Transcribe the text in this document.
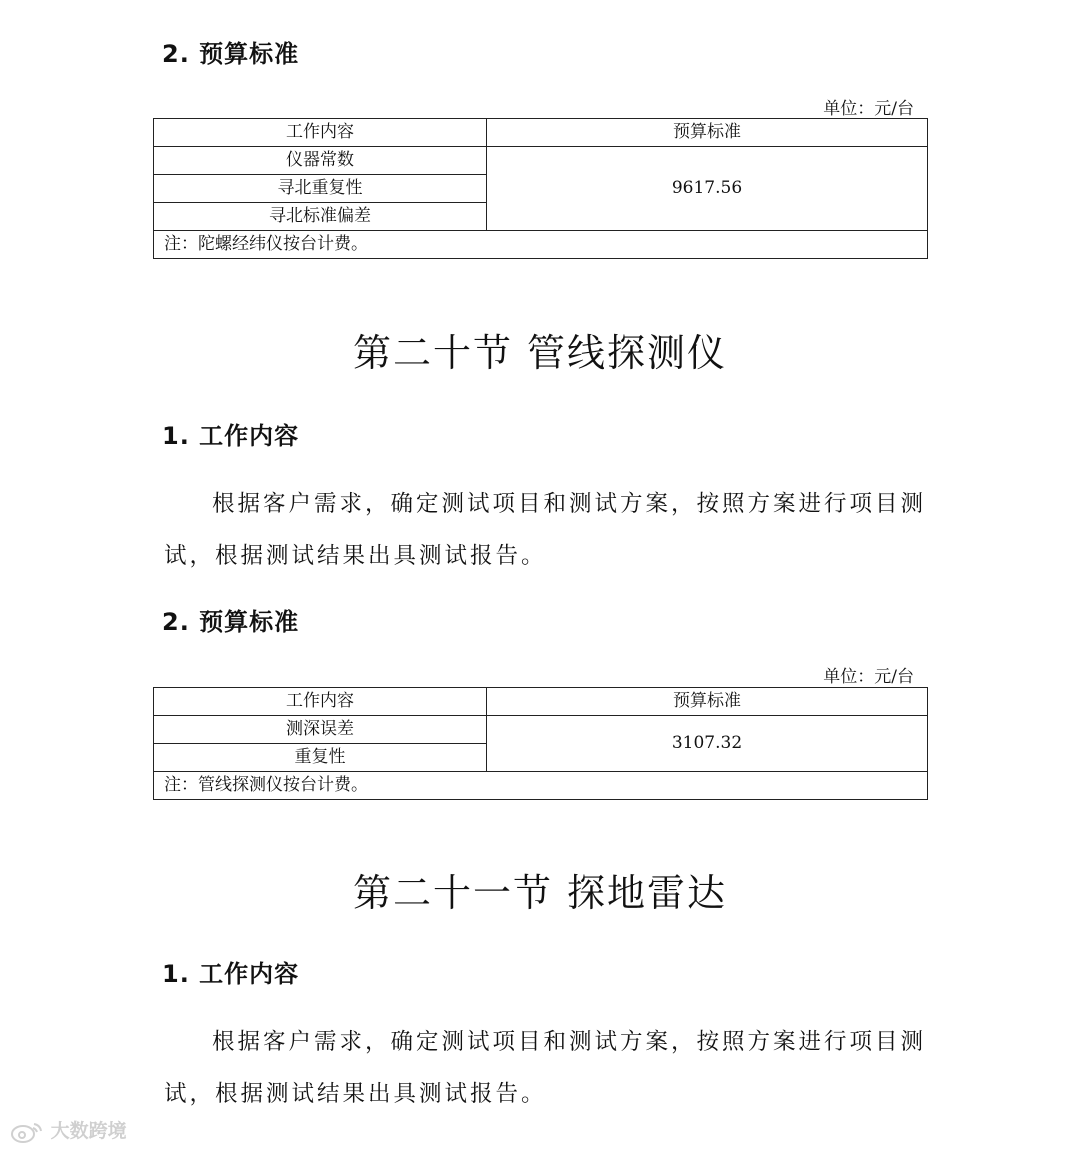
2. 预算标准
单位：元/台
工作内容	预算标准
仪器常数	9617.56
寻北重复性	
寻北标准偏差	
注：陀螺经纬仪按台计费。	
第二十节 管线探测仪
1. 工作内容
根据客户需求，确定测试项目和测试方案，按照方案进行项目测
试，根据测试结果出具测试报告。
2. 预算标准
单位：元/台
工作内容	预算标准
测深误差	3107.32
重复性	
注：管线探测仪按台计费。	
第二十一节 探地雷达
1. 工作内容
根据客户需求，确定测试项目和测试方案，按照方案进行项目测
试，根据测试结果出具测试报告。
大数跨境
